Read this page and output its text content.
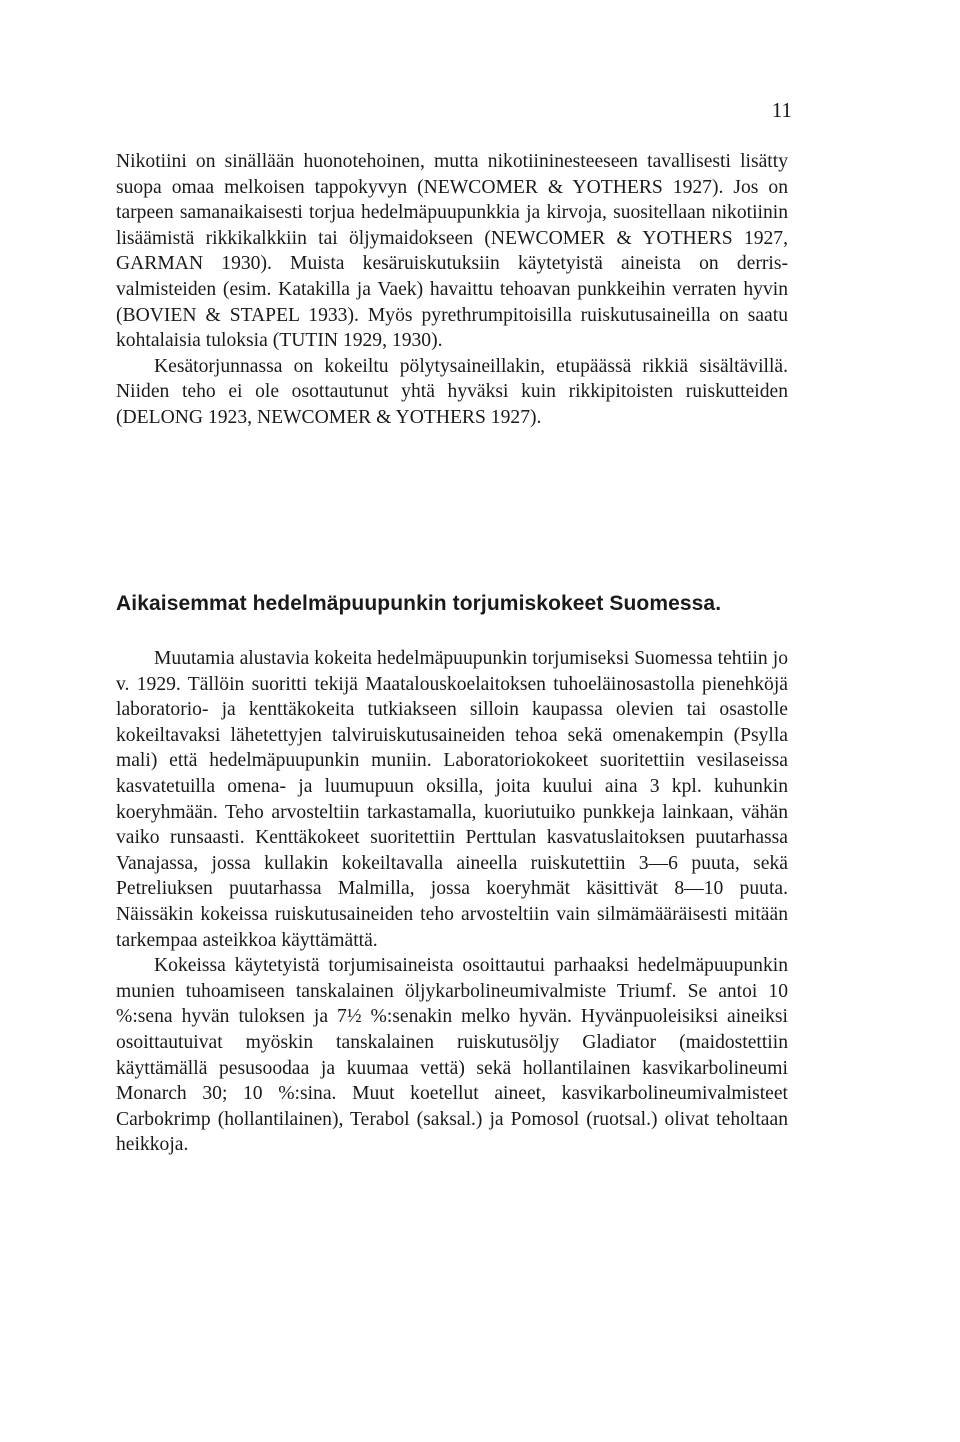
11

Nikotiini on sinällään huonotehoinen, mutta nikotiininesteeseen tavallisesti lisätty suopa omaa melkoisen tappokyvyn (NEWCOMER & YOTHERS 1927). Jos on tarpeen samanaikaisesti torjua hedelmäpuupunkkia ja kirvoja, suositellaan nikotiinin lisäämistä rikkikalkkiin tai öljymaidokseen (NEWCOMER & YOTHERS 1927, GARMAN 1930). Muista kesäruiskutuksiin käytetyistä aineista on derris-valmisteiden (esim. Katakilla ja Vaek) havaittu tehoavan punkkeihin verraten hyvin (BOVIEN & STAPEL 1933). Myös pyrethrumpitoisilla ruiskutusaineilla on saatu kohtalaisia tuloksia (TUTIN 1929, 1930).

Kesätorjunnassa on kokeiltu pölytysaineillakin, etupäässä rikkiä sisältävillä. Niiden teho ei ole osottautunut yhtä hyväksi kuin rikkipitoisten ruiskutteiden (DELONG 1923, NEWCOMER & YOTHERS 1927).

Aikaisemmat hedelmäpuupunkin torjumiskokeet Suomessa.

Muutamia alustavia kokeita hedelmäpuupunkin torjumiseksi Suomessa tehtiin jo v. 1929. Tällöin suoritti tekijä Maatalouskoelaitoksen tuhoeläinosastolla pienehköjä laboratorio- ja kenttäkokeita tutkiakseen silloin kaupassa olevien tai osastolle kokeiltavaksi lähetettyjen talviruiskutusaineiden tehoa sekä omenakempin (Psylla mali) että hedelmäpuupunkin muniin. Laboratoriokokeet suoritettiin vesilaseissa kasvatetuilla omena- ja luumupuun oksilla, joita kuului aina 3 kpl. kuhunkin koeryhmään. Teho arvosteltiin tarkastamalla, kuoriutuiko punkkeja lainkaan, vähän vaiko runsaasti. Kenttäkokeet suoritettiin Perttulan kasvatuslaitoksen puutarhassa Vanajassa, jossa kullakin kokeiltavalla aineella ruiskutettiin 3—6 puuta, sekä Petreliuksen puutarhassa Malmilla, jossa koeryhmät käsittivät 8—10 puuta. Näissäkin kokeissa ruiskutusaineiden teho arvosteltiin vain silmämääräisesti mitään tarkempaa asteikkoa käyttämättä.

Kokeissa käytetyistä torjumisaineista osoittautui parhaaksi hedelmäpuupunkin munien tuhoamiseen tanskalainen öljykarbolineumivalmiste Triumf. Se antoi 10 %:sena hyvän tuloksen ja 7½ %:senakin melko hyvän. Hyvänpuoleisiksi aineiksi osoittautuivat myöskin tanskalainen ruiskutusöljy Gladiator (maidostettiin käyttämällä pesusoodaa ja kuumaa vettä) sekä hollantilainen kasvikarbolineumi Monarch 30; 10 %:sina. Muut koetellut aineet, kasvikarbolineumivalmisteet Carbokrimp (hollantilainen), Terabol (saksal.) ja Pomosol (ruotsal.) olivat teholtaan heikkoja.
